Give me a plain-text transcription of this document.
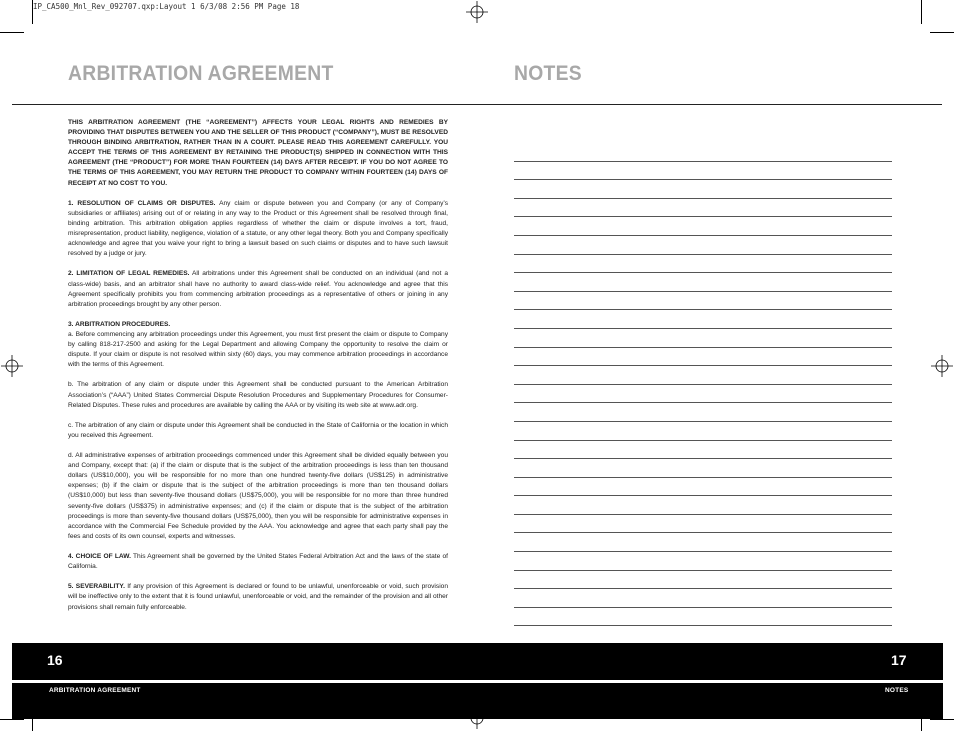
IP_CA500_Mnl_Rev_092707.qxp:Layout 1 6/3/08 2:56 PM Page 18
ARBITRATION AGREEMENT	NOTES

THIS ARBITRATION AGREEMENT (THE “AGREEMENT”) AFFECTS YOUR LEGAL RIGHTS AND REMEDIES BY PROVIDING THAT DISPUTES BETWEEN YOU AND THE SELLER OF THIS PRODUCT (“COMPANY”), MUST BE RESOLVED THROUGH BINDING ARBITRATION, RATHER THAN IN A COURT. PLEASE READ THIS AGREEMENT CAREFULLY. YOU ACCEPT THE TERMS OF THIS AGREEMENT BY RETAINING THE PRODUCT(S) SHIPPED IN CONNECTION WITH THIS AGREEMENT (THE “PRODUCT”) FOR MORE THAN FOURTEEN (14) DAYS AFTER RECEIPT. IF YOU DO NOT AGREE TO THE TERMS OF THIS AGREEMENT, YOU MAY RETURN THE PRODUCT TO COMPANY WITHIN FOURTEEN (14) DAYS OF RECEIPT AT NO COST TO YOU.

1. RESOLUTION OF CLAIMS OR DISPUTES. Any claim or dispute between you and Company (or any of Company’s subsidiaries or affiliates) arising out of or relating in any way to the Product or this Agreement shall be resolved through final, binding arbitration. This arbitration obligation applies regardless of whether the claim or dispute involves a tort, fraud, misrepresentation, product liability, negligence, violation of a statute, or any other legal theory. Both you and Company specifically acknowledge and agree that you waive your right to bring a lawsuit based on such claims or disputes and to have such lawsuit resolved by a judge or jury.

2. LIMITATION OF LEGAL REMEDIES. All arbitrations under this Agreement shall be conducted on an individual (and not a class-wide) basis, and an arbitrator shall have no authority to award class-wide relief. You acknowledge and agree that this Agreement specifically prohibits you from commencing arbitration proceedings as a representative of others or joining in any arbitration proceedings brought by any other person.

3. ARBITRATION PROCEDURES.
a. Before commencing any arbitration proceedings under this Agreement, you must first present the claim or dispute to Company by calling 818-217-2500 and asking for the Legal Department and allowing Company the opportunity to resolve the claim or dispute. If your claim or dispute is not resolved within sixty (60) days, you may commence arbitration proceedings in accordance with the terms of this Agreement.

b. The arbitration of any claim or dispute under this Agreement shall be conducted pursuant to the American Arbitration Association’s (“AAA”) United States Commercial Dispute Resolution Procedures and Supplementary Procedures for Consumer-Related Disputes. These rules and procedures are available by calling the AAA or by visiting its web site at www.adr.org.

c. The arbitration of any claim or dispute under this Agreement shall be conducted in the State of California or the location in which you received this Agreement.

d. All administrative expenses of arbitration proceedings commenced under this Agreement shall be divided equally between you and Company, except that: (a) if the claim or dispute that is the subject of the arbitration proceedings is less than ten thousand dollars (US$10,000), you will be responsible for no more than one hundred twenty-five dollars (US$125) in administrative expenses; (b) if the claim or dispute that is the subject of the arbitration proceedings is more than ten thousand dollars (US$10,000) but less than seventy-five thousand dollars (US$75,000), you will be responsible for no more than three hundred seventy-five dollars (US$375) in administrative expenses; and (c) if the claim or dispute that is the subject of the arbitration proceedings is more than seventy-five thousand dollars (US$75,000), then you will be responsible for administrative expenses in accordance with the Commercial Fee Schedule provided by the AAA. You acknowledge and agree that each party shall pay the fees and costs of its own counsel, experts and witnesses.

4. CHOICE OF LAW. This Agreement shall be governed by the United States Federal Arbitration Act and the laws of the state of California.

5. SEVERABILITY. If any provision of this Agreement is declared or found to be unlawful, unenforceable or void, such provision will be ineffective only to the extent that it is found unlawful, unenforceable or void, and the remainder of the provision and all other provisions shall remain fully enforceable.

16	17
ARBITRATION AGREEMENT	NOTES
